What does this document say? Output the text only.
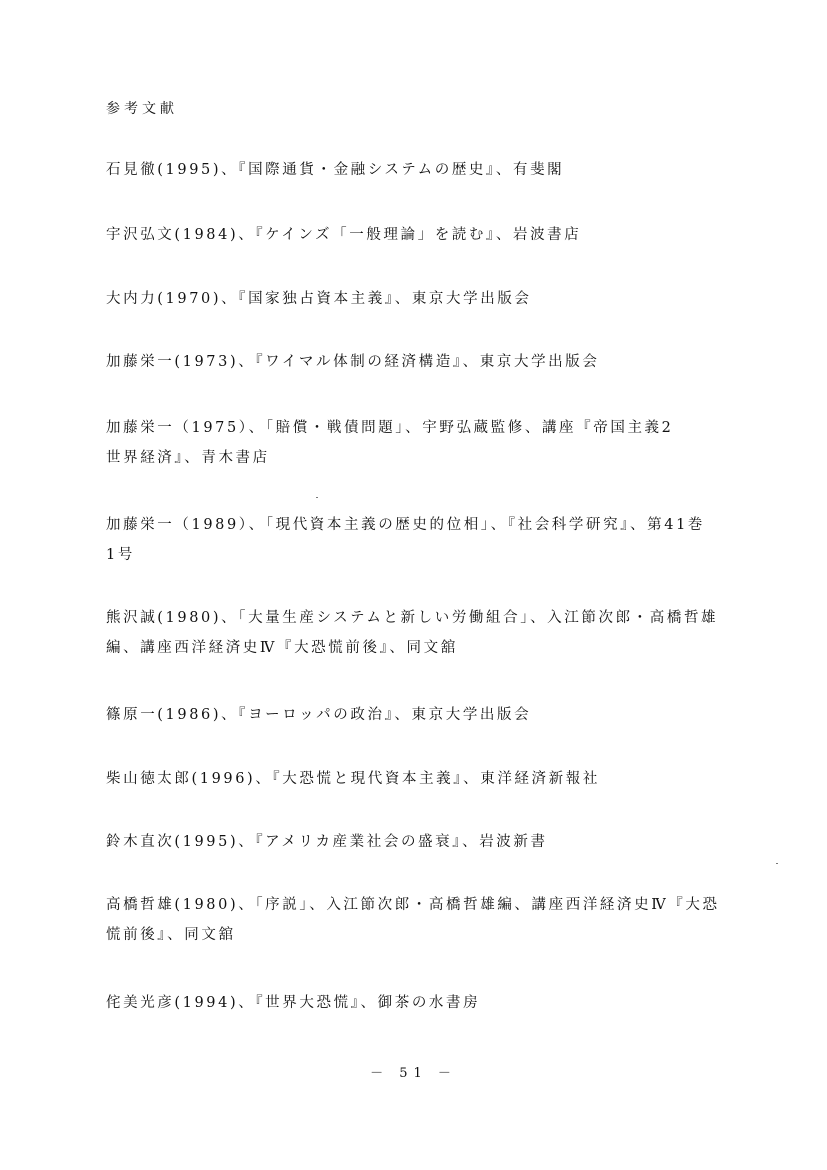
参考文献
石見徹(1995)、『国際通貨・金融システムの歴史』、有斐閣
宇沢弘文(1984)、『ケインズ「一般理論」を読む』、岩波書店
大内力(1970)、『国家独占資本主義』、東京大学出版会
加藤栄一(1973)、『ワイマル体制の経済構造』、東京大学出版会
加藤栄一（1975）、「賠償・戦債問題」、宇野弘蔵監修、講座『帝国主義2
世界経済』、青木書店
加藤栄一（1989）、「現代資本主義の歴史的位相」、『社会科学研究』、第41巻
1号
熊沢誠(1980)、「大量生産システムと新しい労働組合」、入江節次郎・高橋哲雄
編、講座西洋経済史Ⅳ『大恐慌前後』、同文舘
篠原一(1986)、『ヨーロッパの政治』、東京大学出版会
柴山徳太郎(1996)、『大恐慌と現代資本主義』、東洋経済新報社
鈴木直次(1995)、『アメリカ産業社会の盛衰』、岩波新書
高橋哲雄(1980)、「序説」、入江節次郎・高橋哲雄編、講座西洋経済史Ⅳ『大恐
慌前後』、同文舘
侘美光彦(1994)、『世界大恐慌』、御茶の水書房
－ 51 －
